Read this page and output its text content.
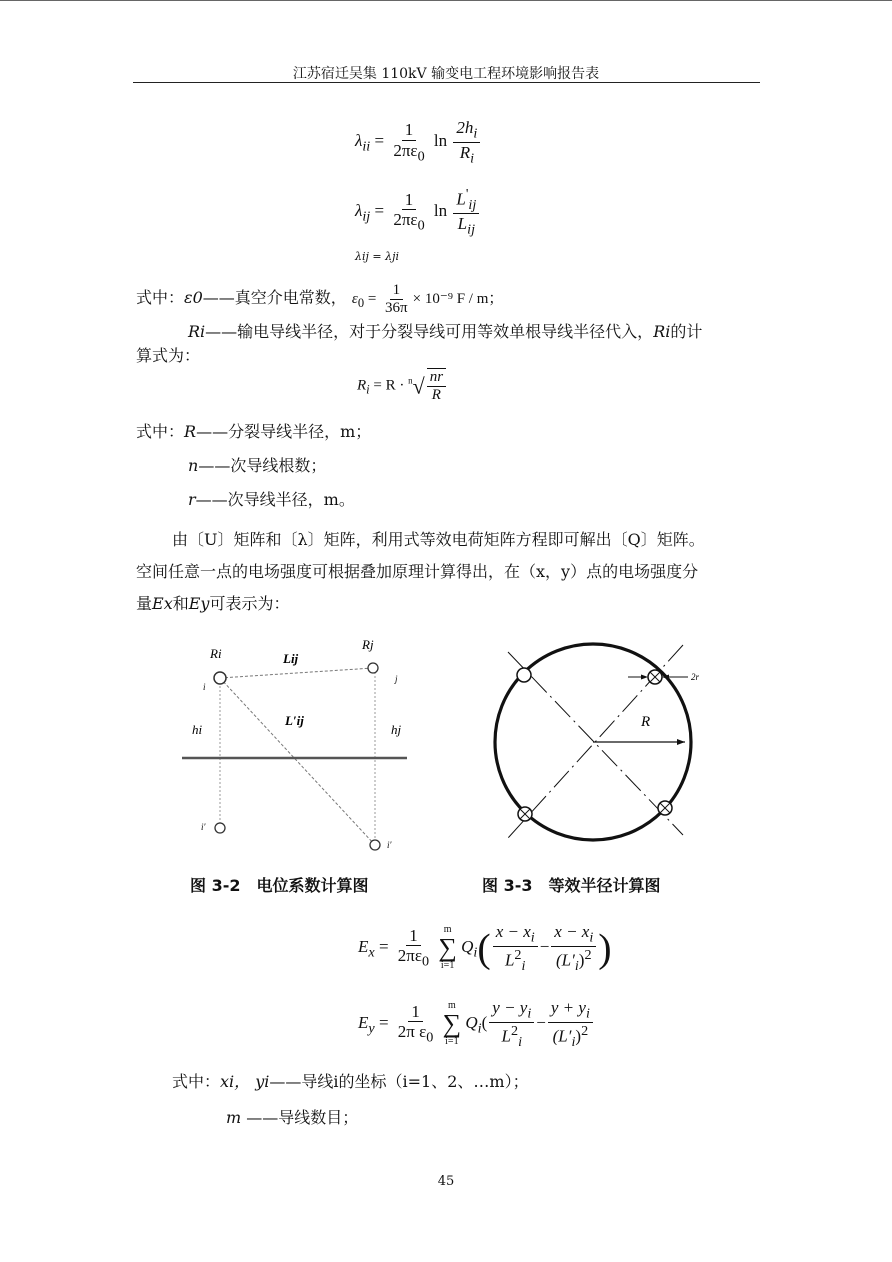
江苏宿迁吴集 110kV 输变电工程环境影响报告表
$\lambda_{ii} = \frac{1}{2\pi\varepsilon_0}$ $\ln \frac{2h_i}{R_i}$
$\lambda_{ij} = \frac{1}{2\pi\varepsilon_0}$ $\ln \frac{L'_{ij}}{L_{ij}}$
λij = λji
式中：ε0——真空介电常数， $\varepsilon_0 = \frac{1}{36\pi} \times 10^{-9}$ F / m；
Ri——输电导线半径，对于分裂导线可用等效单根导线半径代入，Ri的计
算式为：
$R_i = R \cdot ^n√ \frac{nr}{R}$
式中：R——分裂导线半径，m；
n——次导线根数；
r——次导线半径，m。
由〔U〕矩阵和〔λ〕矩阵，利用式等效电荷矩阵方程即可解出〔Q〕矩阵。
空间任意一点的电场强度可根据叠加原理计算得出，在（x，y）点的电场强度分
量Ex和Ey可表示为：
Ri
Rj
Lij
L′ij
hi	hj
i
j
i′
i′
R
2r
图 3-2　电位系数计算图	图 3-3　等效半径计算图
$E_x = \frac{1}{2\pi\varepsilon_0}$
m
∑
i=1
$Q_i( \frac{x - x_i}{L^2_i} - \frac{x - x_i}{(L'_i)^2}$ )
$E_y = \frac{1}{2\pi \varepsilon_0}$
m
∑
i=1
$Q_i( \frac{y - y_i}{L^2_i} - \frac{y + y_i}{(L'_i)^2}$
式中：xi， yi——导线i的坐标（i=1、2、…m）；
m ——导线数目；
45
